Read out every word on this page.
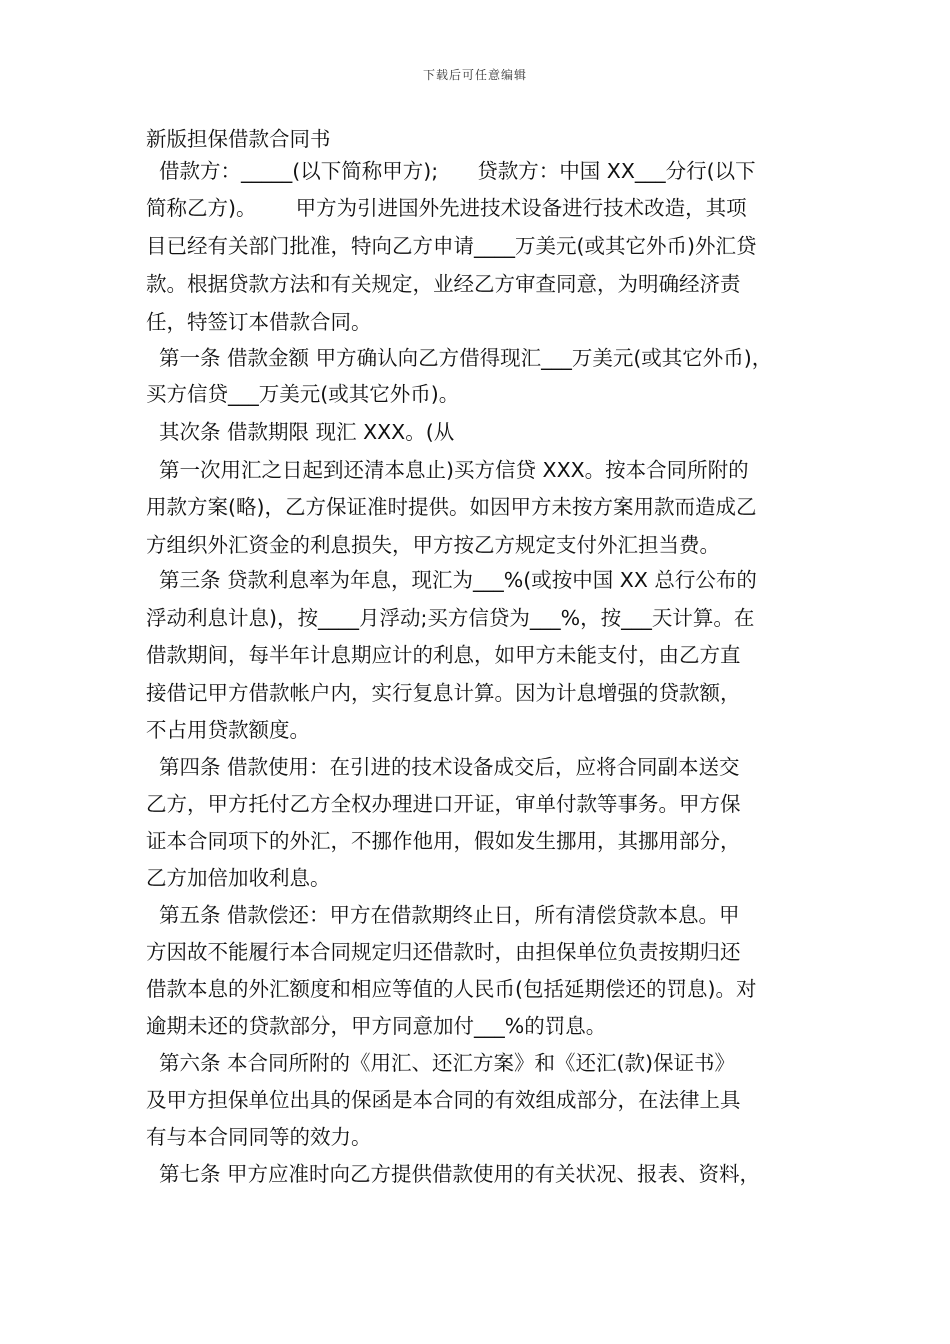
下载后可任意编辑
新版担保借款合同书
借款方：_____(以下简称甲方);      贷款方：中国 XX___分行(以下
简称乙方)。      甲方为引进国外先进技术设备进行技术改造，其项
目已经有关部门批准，特向乙方申请____万美元(或其它外币)外汇贷
款。根据贷款方法和有关规定，业经乙方审查同意，为明确经济责
任，特签订本借款合同。
第一条 借款金额 甲方确认向乙方借得现汇___万美元(或其它外币)，
买方信贷___万美元(或其它外币)。
其次条 借款期限 现汇 XXX。(从
第一次用汇之日起到还清本息止)买方信贷 XXX。按本合同所附的
用款方案(略)，乙方保证准时提供。如因甲方未按方案用款而造成乙
方组织外汇资金的利息损失，甲方按乙方规定支付外汇担当费。
第三条 贷款利息率为年息，现汇为___%(或按中国 XX 总行公布的
浮动利息计息)，按____月浮动;买方信贷为___%，按___天计算。在
借款期间，每半年计息期应计的利息，如甲方未能支付，由乙方直
接借记甲方借款帐户内，实行复息计算。因为计息增强的贷款额，
不占用贷款额度。
第四条 借款使用：在引进的技术设备成交后，应将合同副本送交
乙方，甲方托付乙方全权办理进口开证，审单付款等事务。甲方保
证本合同项下的外汇，不挪作他用，假如发生挪用，其挪用部分，
乙方加倍加收利息。
第五条 借款偿还：甲方在借款期终止日，所有清偿贷款本息。甲
方因故不能履行本合同规定归还借款时，由担保单位负责按期归还
借款本息的外汇额度和相应等值的人民币(包括延期偿还的罚息)。对
逾期未还的贷款部分，甲方同意加付___%的罚息。
第六条 本合同所附的《用汇、还汇方案》和《还汇(款)保证书》
及甲方担保单位出具的保函是本合同的有效组成部分，在法律上具
有与本合同同等的效力。
第七条 甲方应准时向乙方提供借款使用的有关状况、报表、资料，
